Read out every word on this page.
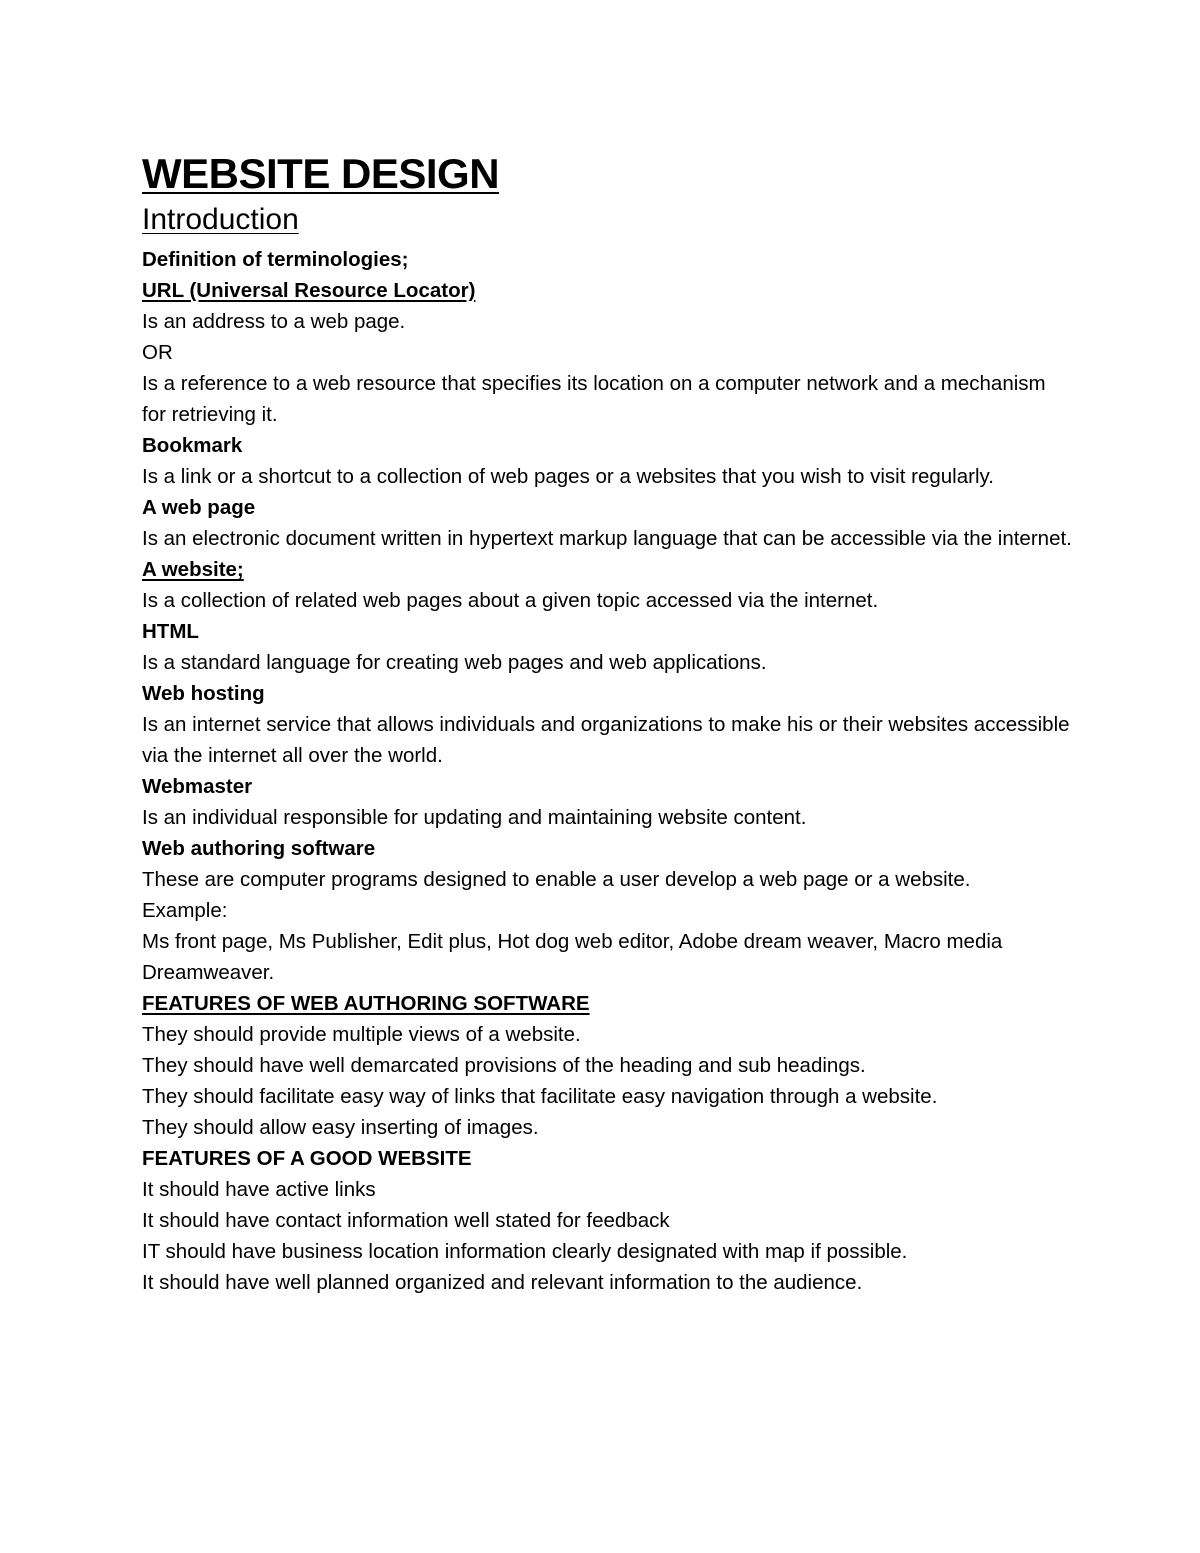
WEBSITE DESIGN
Introduction

Definition of terminologies;

URL (Universal Resource Locator)

Is an address to a web page.

OR

Is a reference to a web resource that specifies its location on a computer network and a mechanism for retrieving it.

Bookmark

Is a link or a shortcut to a collection of web pages or a websites that you wish to visit regularly.

A web page

Is an electronic document written in hypertext markup language that can be accessible via the internet.

A website;

Is a collection of related web pages about a given topic accessed via the internet.

HTML

Is a standard language for creating web pages and web applications.

Web hosting

Is an internet service that allows individuals and organizations to make his or their websites accessible via the internet all over the world.

Webmaster

Is an individual responsible for updating and maintaining website content.

Web authoring software

These are computer programs designed to enable a user develop a web page or a website.

Example:

Ms front page, Ms Publisher, Edit plus, Hot dog web editor, Adobe dream weaver, Macro media Dreamweaver.

FEATURES OF WEB AUTHORING SOFTWARE

They should provide multiple views of a website.

They should have well demarcated provisions of the heading and sub headings.

They should facilitate easy way of links that facilitate easy navigation through a website.

They should allow easy inserting of images.

FEATURES OF A GOOD WEBSITE

It should have active links

It should have contact information well stated for feedback

IT should have business location information clearly designated with map if possible.

It should have well planned organized and relevant information to the audience.
